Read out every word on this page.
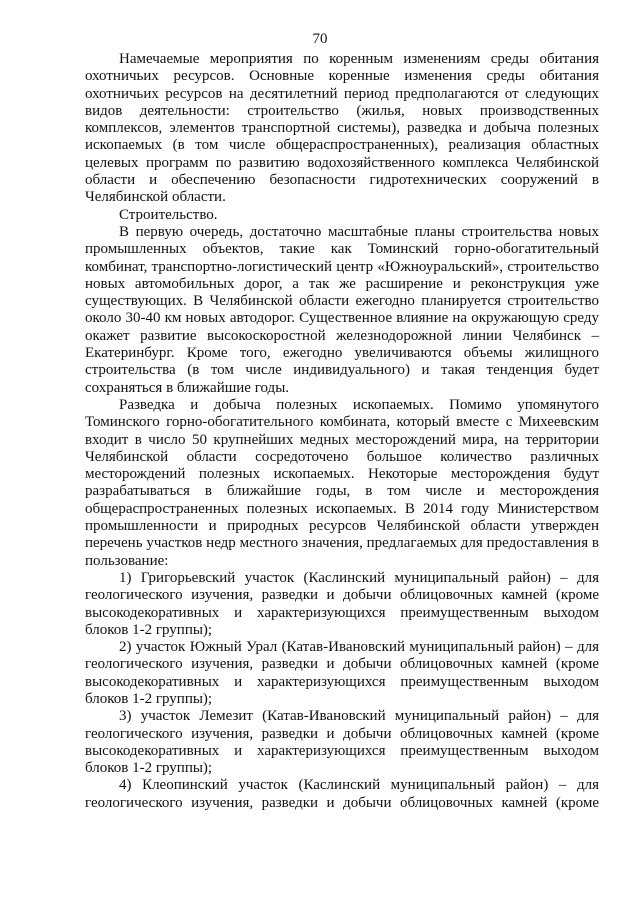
70

Намечаемые мероприятия по коренным изменениям среды обитания охотничьих ресурсов. Основные коренные изменения среды обитания охотничьих ресурсов на десятилетний период предполагаются от следующих видов деятельности: строительство (жилья, новых производственных комплексов, элементов транспортной системы), разведка и добыча полезных ископаемых (в том числе общераспространенных), реализация областных целевых программ по развитию водохозяйственного комплекса Челябинской области и обеспечению безопасности гидротехнических сооружений в Челябинской области.

Строительство.

В первую очередь, достаточно масштабные планы строительства новых промышленных объектов, такие как Томинский горно-обогатительный комбинат, транспортно-логистический центр «Южноуральский», строительство новых автомобильных дорог, а так же расширение и реконструкция уже существующих. В Челябинской области ежегодно планируется строительство около 30-40 км новых автодорог. Существенное влияние на окружающую среду окажет развитие высокоскоростной железнодорожной линии Челябинск – Екатеринбург. Кроме того, ежегодно увеличиваются объемы жилищного строительства (в том числе индивидуального) и такая тенденция будет сохраняться в ближайшие годы.

Разведка и добыча полезных ископаемых. Помимо упомянутого Томинского горно-обогатительного комбината, который вместе с Михеевским входит в число 50 крупнейших медных месторождений мира, на территории Челябинской области сосредоточено большое количество различных месторождений полезных ископаемых. Некоторые месторождения будут разрабатываться в ближайшие годы, в том числе и месторождения общераспространенных полезных ископаемых. В 2014 году Министерством промышленности и природных ресурсов Челябинской области утвержден перечень участков недр местного значения, предлагаемых для предоставления в пользование:

1) Григорьевский участок (Каслинский муниципальный район) – для геологического изучения, разведки и добычи облицовочных камней (кроме высокодекоративных и характеризующихся преимущественным выходом блоков 1-2 группы);

2) участок Южный Урал (Катав-Ивановский муниципальный район) – для геологического изучения, разведки и добычи облицовочных камней (кроме высокодекоративных и характеризующихся преимущественным выходом блоков 1-2 группы);

3) участок Лемезит (Катав-Ивановский муниципальный район) – для геологического изучения, разведки и добычи облицовочных камней (кроме высокодекоративных и характеризующихся преимущественным выходом блоков 1-2 группы);

4) Клеопинский участок (Каслинский муниципальный район) – для геологического изучения, разведки и добычи облицовочных камней (кроме
